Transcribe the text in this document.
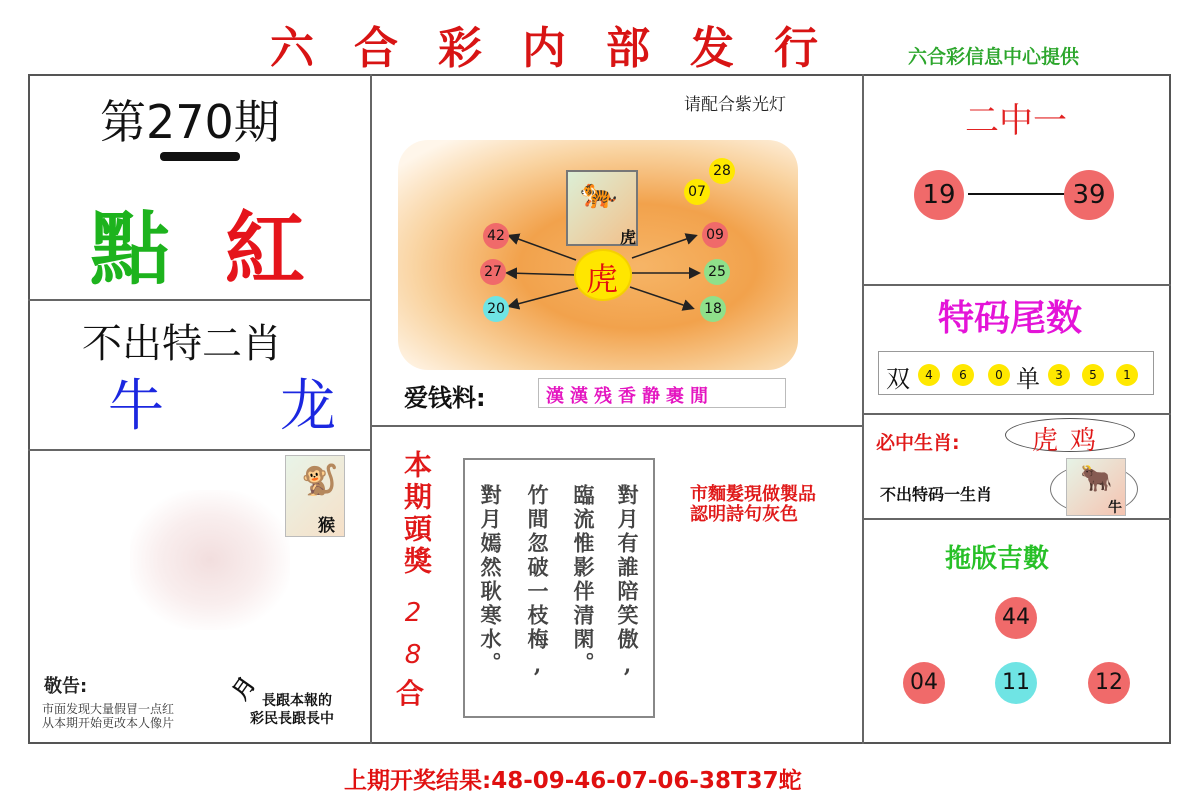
六合彩内部发行	六合彩信息中心提供
第270期
點 紅
不出特二肖
牛 龙
🐒
猴
敬告:
市面发现大量假冒一点红
从本期开始更改本人像片
月 長跟本報的
彩民長跟長中
请配合紫光灯
🐅
虎
虎
28
07
42	09
27	25
20	18
爱钱料:	漢漢残香静裹閒
本期頭獎
28
合
對月有誰陪笑傲,
臨流惟影伴清閑。
竹間忽破一枝梅,
對月嫣然耿寒水。	市麵髮現做製品
認明詩句灰色
二中一
19	39
特码尾数
双	4	6	0 单	3	5	1
必中生肖:	虎鸡
不出特码一生肖
🐂
牛
拖版吉數
44
04	11	12
上期开奖结果:48-09-46-07-06-38T37蛇
